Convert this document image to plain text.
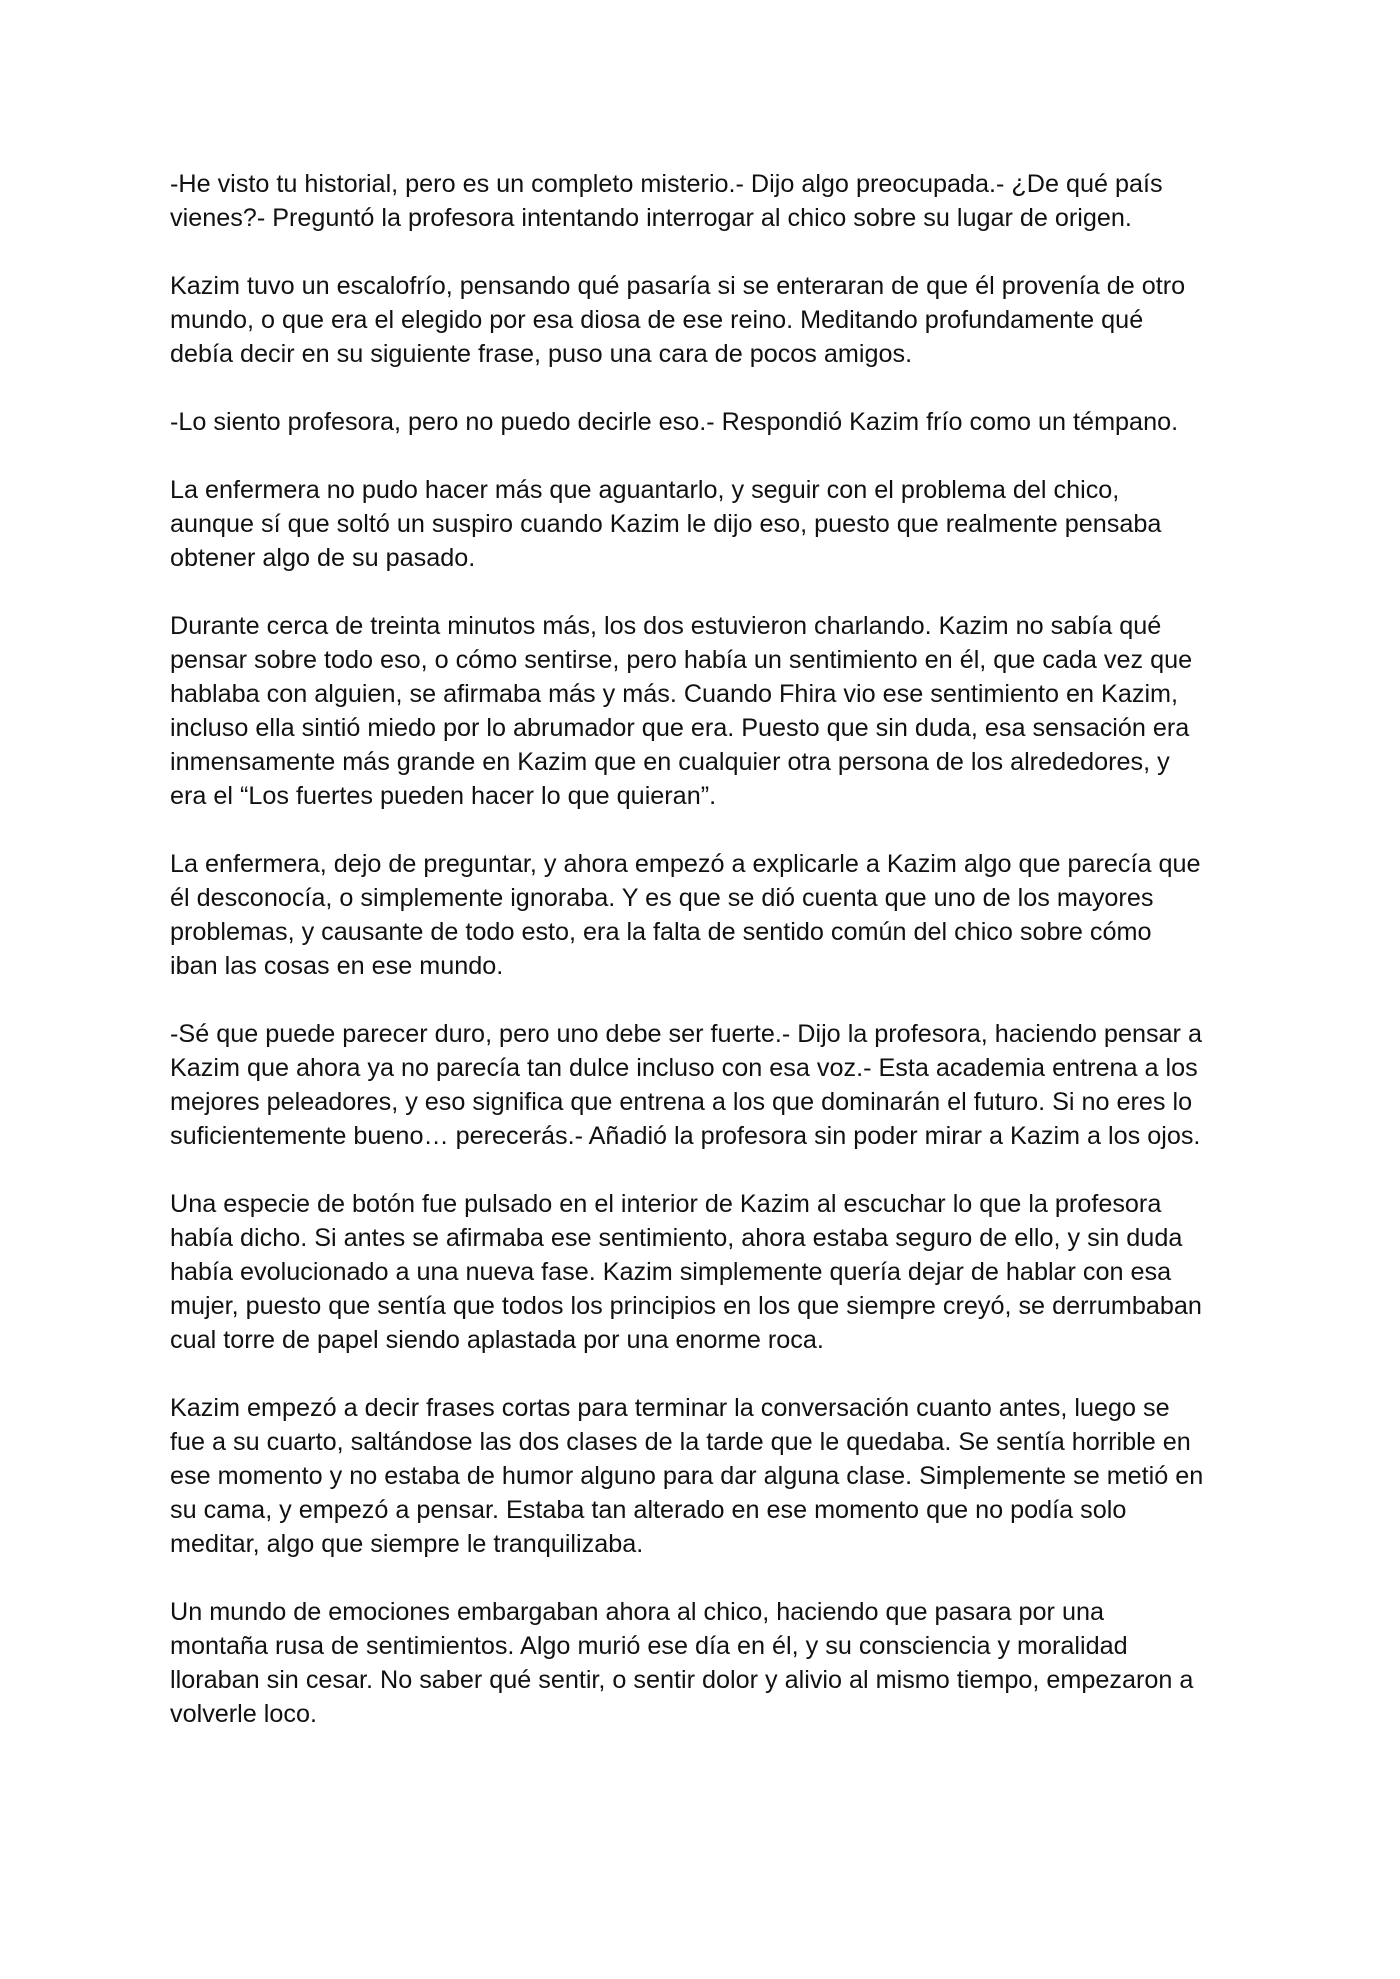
-He visto tu historial, pero es un completo misterio.- Dijo algo preocupada.- ¿De qué país
vienes?- Preguntó la profesora intentando interrogar al chico sobre su lugar de origen.

Kazim tuvo un escalofrío, pensando qué pasaría si se enteraran de que él provenía de otro
mundo, o que era el elegido por esa diosa de ese reino. Meditando profundamente qué
debía decir en su siguiente frase, puso una cara de pocos amigos.

-Lo siento profesora, pero no puedo decirle eso.- Respondió Kazim frío como un témpano.

La enfermera no pudo hacer más que aguantarlo, y seguir con el problema del chico,
aunque sí que soltó un suspiro cuando Kazim le dijo eso, puesto que realmente pensaba
obtener algo de su pasado.

Durante cerca de treinta minutos más, los dos estuvieron charlando. Kazim no sabía qué
pensar sobre todo eso, o cómo sentirse, pero había un sentimiento en él, que cada vez que
hablaba con alguien, se afirmaba más y más. Cuando Fhira vio ese sentimiento en Kazim,
incluso ella sintió miedo por lo abrumador que era. Puesto que sin duda, esa sensación era
inmensamente más grande en Kazim que en cualquier otra persona de los alrededores, y
era el “Los fuertes pueden hacer lo que quieran”.

La enfermera, dejo de preguntar, y ahora empezó a explicarle a Kazim algo que parecía que
él desconocía, o simplemente ignoraba. Y es que se dió cuenta que uno de los mayores
problemas, y causante de todo esto, era la falta de sentido común del chico sobre cómo
iban las cosas en ese mundo.

-Sé que puede parecer duro, pero uno debe ser fuerte.- Dijo la profesora, haciendo pensar a
Kazim que ahora ya no parecía tan dulce incluso con esa voz.- Esta academia entrena a los
mejores peleadores, y eso significa que entrena a los que dominarán el futuro. Si no eres lo
suficientemente bueno… perecerás.- Añadió la profesora sin poder mirar a Kazim a los ojos.

Una especie de botón fue pulsado en el interior de Kazim al escuchar lo que la profesora
había dicho. Si antes se afirmaba ese sentimiento, ahora estaba seguro de ello, y sin duda
había evolucionado a una nueva fase. Kazim simplemente quería dejar de hablar con esa
mujer, puesto que sentía que todos los principios en los que siempre creyó, se derrumbaban
cual torre de papel siendo aplastada por una enorme roca.

Kazim empezó a decir frases cortas para terminar la conversación cuanto antes, luego se
fue a su cuarto, saltándose las dos clases de la tarde que le quedaba. Se sentía horrible en
ese momento y no estaba de humor alguno para dar alguna clase. Simplemente se metió en
su cama, y empezó a pensar. Estaba tan alterado en ese momento que no podía solo
meditar, algo que siempre le tranquilizaba.

Un mundo de emociones embargaban ahora al chico, haciendo que pasara por una
montaña rusa de sentimientos. Algo murió ese día en él, y su consciencia y moralidad
lloraban sin cesar. No saber qué sentir, o sentir dolor y alivio al mismo tiempo, empezaron a
volverle loco.
